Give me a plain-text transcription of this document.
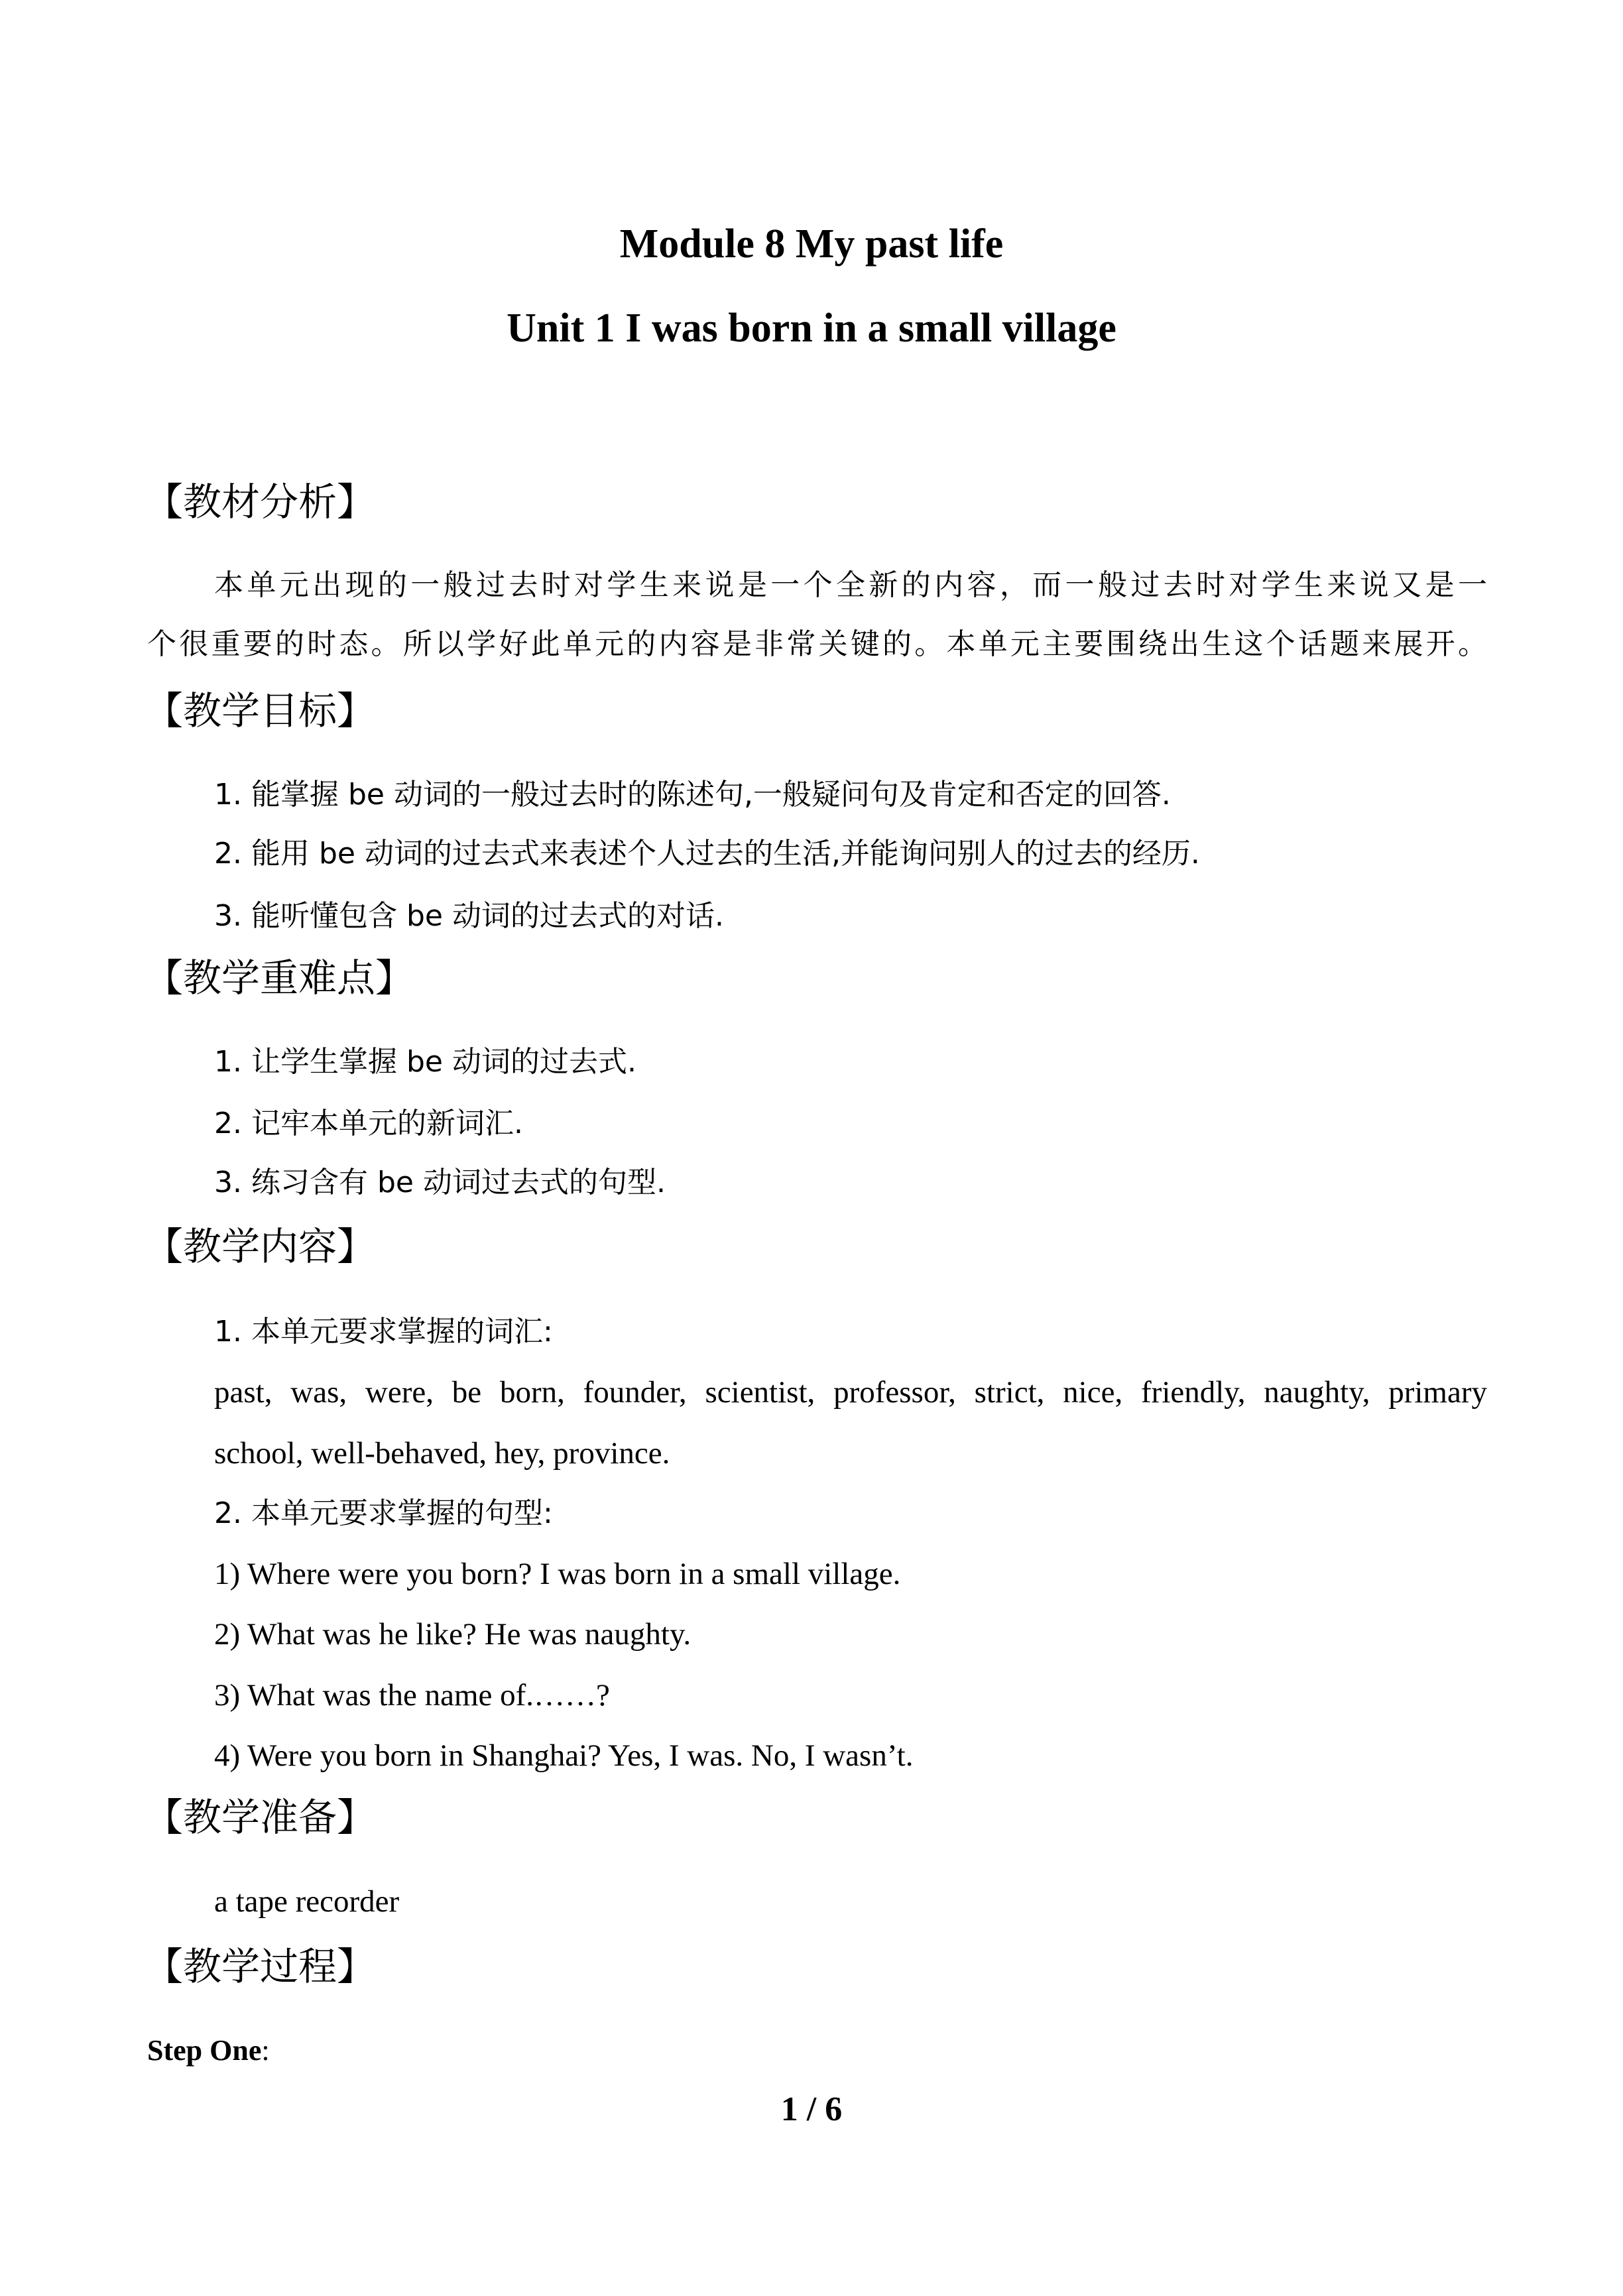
Module 8 My past life
Unit 1 I was born in a small village
【教材分析】
本单元出现的一般过去时对学生来说是一个全新的内容，而一般过去时对学生来说又是一
个很重要的时态。所以学好此单元的内容是非常关键的。本单元主要围绕出生这个话题来展开。
【教学目标】
1. 能掌握 be 动词的一般过去时的陈述句,一般疑问句及肯定和否定的回答.
2. 能用 be 动词的过去式来表述个人过去的生活,并能询问别人的过去的经历.
3. 能听懂包含 be 动词的过去式的对话.
【教学重难点】
1. 让学生掌握 be 动词的过去式.
2. 记牢本单元的新词汇.
3. 练习含有 be 动词过去式的句型.
【教学内容】
1. 本单元要求掌握的词汇:
past, was, were, be born, founder, scientist, professor, strict, nice, friendly, naughty, primary
school, well-behaved, hey, province.
2. 本单元要求掌握的句型:
1) Where were you born? I was born in a small village.
2) What was he like? He was naughty.
3) What was the name of.……?
4) Were you born in Shanghai? Yes, I was. No, I wasn’t.
【教学准备】
a tape recorder
【教学过程】
Step One:
1 / 6
